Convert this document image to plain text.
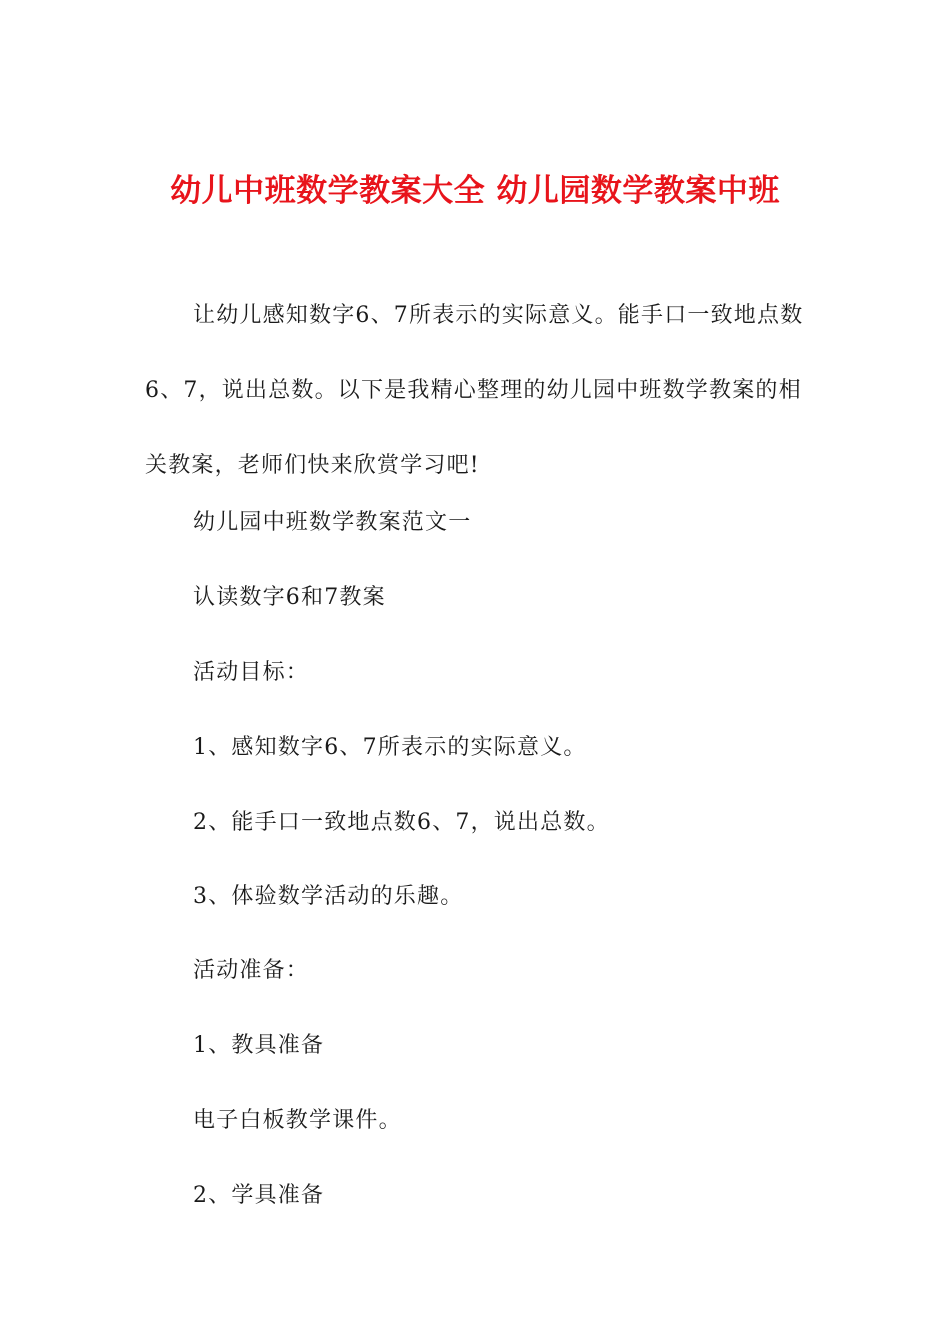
幼儿中班数学教案大全 幼儿园数学教案中班

让幼儿感知数字6、7所表示的实际意义。能手口一致地点数6、7，说出总数。以下是我精心整理的幼儿园中班数学教案的相关教案，老师们快来欣赏学习吧!

幼儿园中班数学教案范文一

认读数字6和7教案

活动目标：

1、感知数字6、7所表示的实际意义。

2、能手口一致地点数6、7，说出总数。

3、体验数学活动的乐趣。

活动准备：

1、教具准备

电子白板教学课件。

2、学具准备
